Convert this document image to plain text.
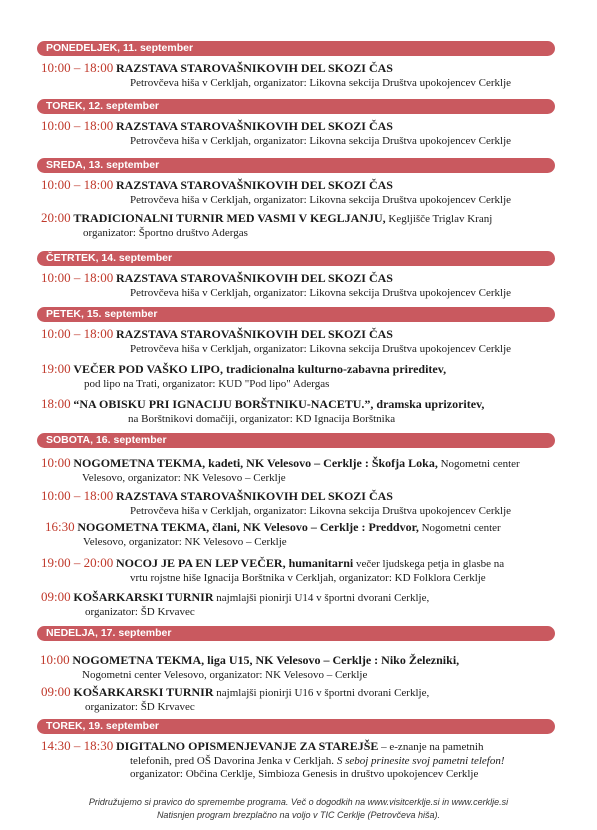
PONEDELJEK, 11. september
TOREK, 12. september
SREDA, 13. september
ČETRTEK, 14. september
PETEK, 15. september
SOBOTA, 16. september
NEDELJA, 17. september
TOREK, 19. september
10:00 – 18:00 RAZSTAVA STAROVAŠNIKOVIH DEL SKOZI ČAS
Petrovčeva hiša v Cerkljah, organizator: Likovna sekcija Društva upokojencev Cerklje
10:00 – 18:00 RAZSTAVA STAROVAŠNIKOVIH DEL SKOZI ČAS
Petrovčeva hiša v Cerkljah, organizator: Likovna sekcija Društva upokojencev Cerklje
10:00 – 18:00 RAZSTAVA STAROVAŠNIKOVIH DEL SKOZI ČAS
Petrovčeva hiša v Cerkljah, organizator: Likovna sekcija Društva upokojencev Cerklje
20:00 TRADICIONALNI TURNIR MED VASMI V KEGLJANJU, Kegljišče Triglav Kranj
organizator: Športno društvo Adergas
10:00 – 18:00 RAZSTAVA STAROVAŠNIKOVIH DEL SKOZI ČAS
Petrovčeva hiša v Cerkljah, organizator: Likovna sekcija Društva upokojencev Cerklje
10:00 – 18:00 RAZSTAVA STAROVAŠNIKOVIH DEL SKOZI ČAS
Petrovčeva hiša v Cerkljah, organizator: Likovna sekcija Društva upokojencev Cerklje
19:00 VEČER POD VAŠKO LIPO, tradicionalna kulturno-zabavna prireditev,
pod lipo na Trati, organizator: KUD "Pod lipo" Adergas
18:00 “NA OBISKU PRI IGNACIJU BORŠTNIKU-NACETU.”, dramska uprizoritev,
na Borštnikovi domačiji, organizator: KD Ignacija Borštnika
10:00 NOGOMETNA TEKMA, kadeti, NK Velesovo – Cerklje : Škofja Loka, Nogometni center
Velesovo, organizator: NK Velesovo – Cerklje
10:00 – 18:00 RAZSTAVA STAROVAŠNIKOVIH DEL SKOZI ČAS
Petrovčeva hiša v Cerkljah, organizator: Likovna sekcija Društva upokojencev Cerklje
16:30 NOGOMETNA TEKMA, člani, NK Velesovo – Cerklje : Preddvor, Nogometni center
Velesovo, organizator: NK Velesovo – Cerklje
19:00 – 20:00 NOCOJ JE PA EN LEP VEČER, humanitarni večer ljudskega petja in glasbe na
vrtu rojstne hiše Ignacija Borštnika v Cerkljah, organizator: KD Folklora Cerklje
09:00 KOŠARKARSKI TURNIR najmlajši pionirji U14 v športni dvorani Cerklje,
organizator: ŠD Krvavec
10:00 NOGOMETNA TEKMA, liga U15, NK Velesovo – Cerklje : Niko Železniki,
Nogometni center Velesovo, organizator: NK Velesovo – Cerklje
09:00 KOŠARKARSKI TURNIR najmlajši pionirji U16 v športni dvorani Cerklje,
organizator: ŠD Krvavec
14:30 – 18:30 DIGITALNO OPISMENJEVANJE ZA STAREJŠE – e-znanje na pametnih
telefonih, pred OŠ Davorina Jenka v Cerkljah. S seboj prinesite svoj pametni telefon!
organizator: Občina Cerklje, Simbioza Genesis in društvo upokojencev Cerklje
Pridružujemo si pravico do spremembe programa. Več o dogodkih na www.visitcerklje.si in www.cerklje.si
Natisnjen program brezplačno na voljo v TIC Cerklje (Petrovčeva hiša).
